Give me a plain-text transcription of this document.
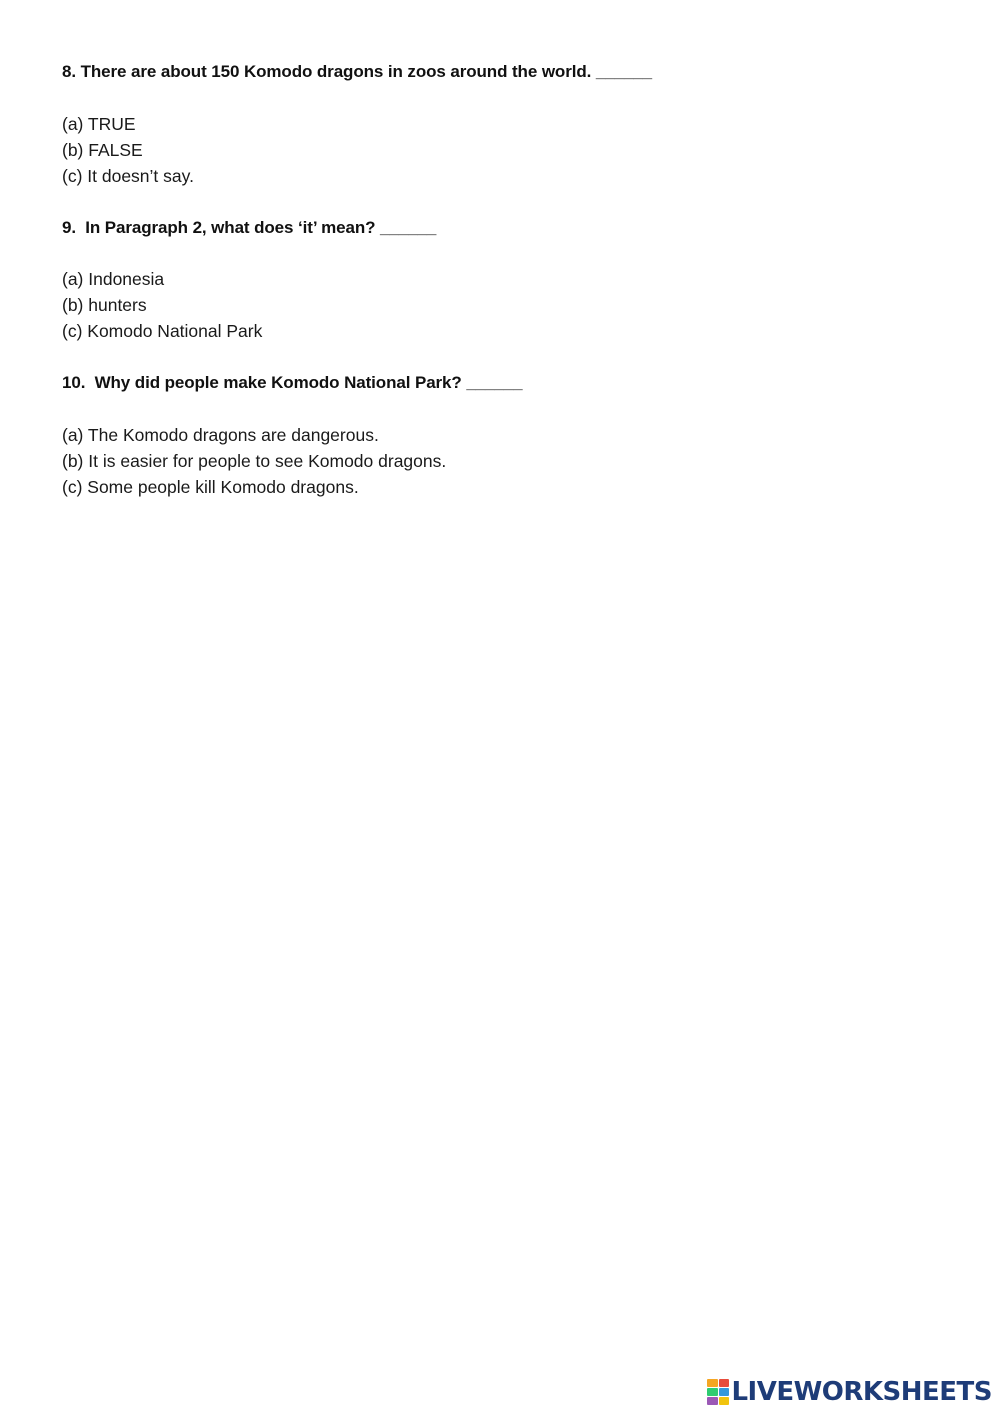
8. There are about 150 Komodo dragons in zoos around the world. ______
(a) TRUE
(b) FALSE
(c) It doesn’t say.
9.  In Paragraph 2, what does ‘it’ mean? ______
(a) Indonesia
(b) hunters
(c) Komodo National Park
10.  Why did people make Komodo National Park? ______
(a) The Komodo dragons are dangerous.
(b) It is easier for people to see Komodo dragons.
(c) Some people kill Komodo dragons.
LIVEWORKSHEETS
